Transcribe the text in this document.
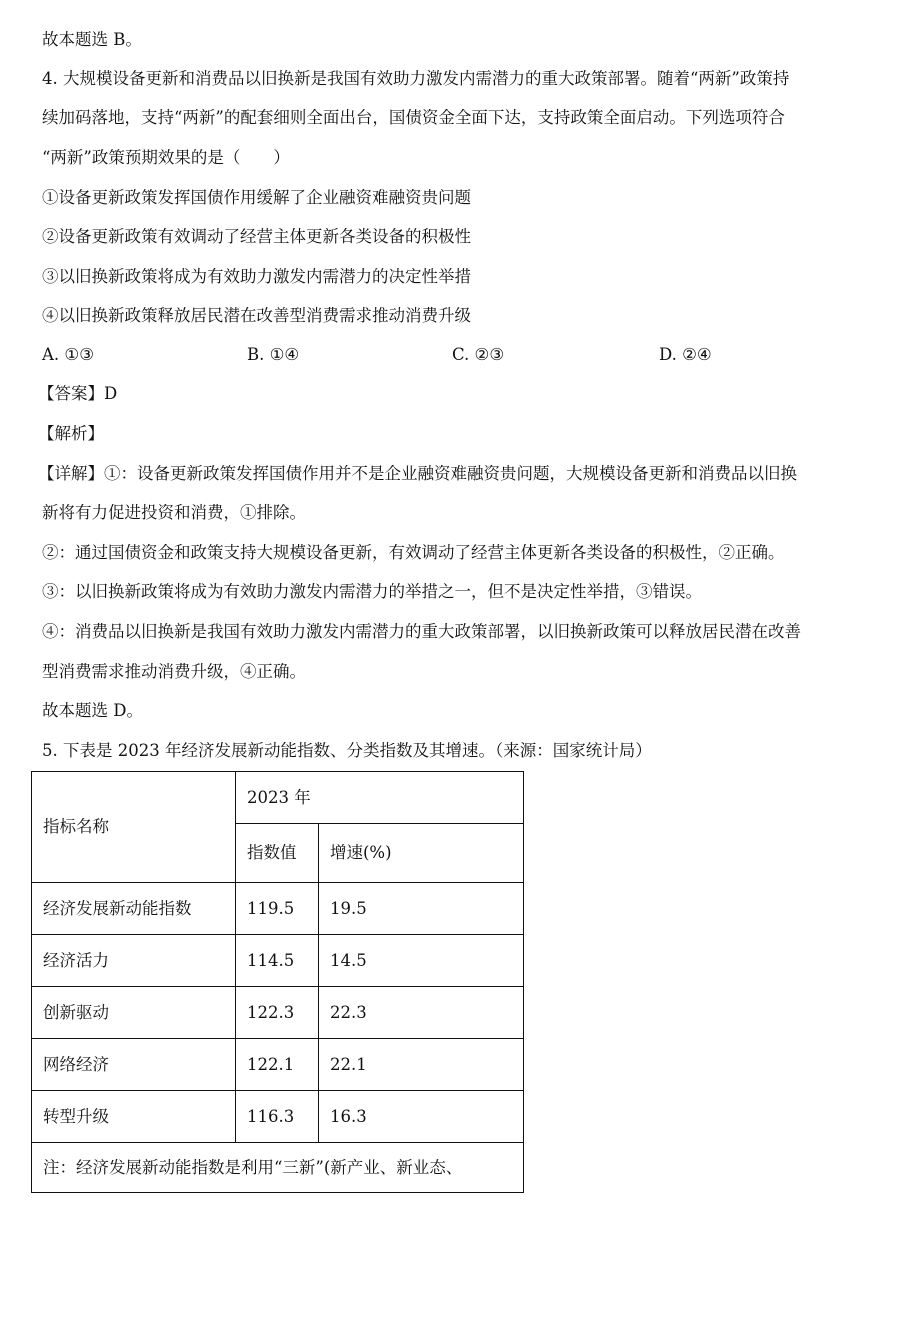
故本题选 B。
4. 大规模设备更新和消费品以旧换新是我国有效助力激发内需潜力的重大政策部署。随着“两新”政策持
续加码落地，支持“两新”的配套细则全面出台，国债资金全面下达，支持政策全面启动。下列选项符合
“两新”政策预期效果的是（　　）
①设备更新政策发挥国债作用缓解了企业融资难融资贵问题
②设备更新政策有效调动了经营主体更新各类设备的积极性
③以旧换新政策将成为有效助力激发内需潜力的决定性举措
④以旧换新政策释放居民潜在改善型消费需求推动消费升级
A. ①③	B. ①④	C. ②③	D. ②④
【答案】D
【解析】
【详解】①：设备更新政策发挥国债作用并不是企业融资难融资贵问题，大规模设备更新和消费品以旧换
新将有力促进投资和消费，①排除。
②：通过国债资金和政策支持大规模设备更新，有效调动了经营主体更新各类设备的积极性，②正确。
③：以旧换新政策将成为有效助力激发内需潜力的举措之一，但不是决定性举措，③错误。
④：消费品以旧换新是我国有效助力激发内需潜力的重大政策部署，以旧换新政策可以释放居民潜在改善
型消费需求推动消费升级，④正确。
故本题选 D。
5. 下表是 2023 年经济发展新动能指数、分类指数及其增速。（来源：国家统计局）
指标名称	2023 年	
	指数值	增速(%)
经济发展新动能指数	119.5	19.5
经济活力	114.5	14.5
创新驱动	122.3	22.3
网络经济	122.1	22.1
转型升级	116.3	16.3
注：经济发展新动能指数是利用“三新”(新产业、新业态、		
